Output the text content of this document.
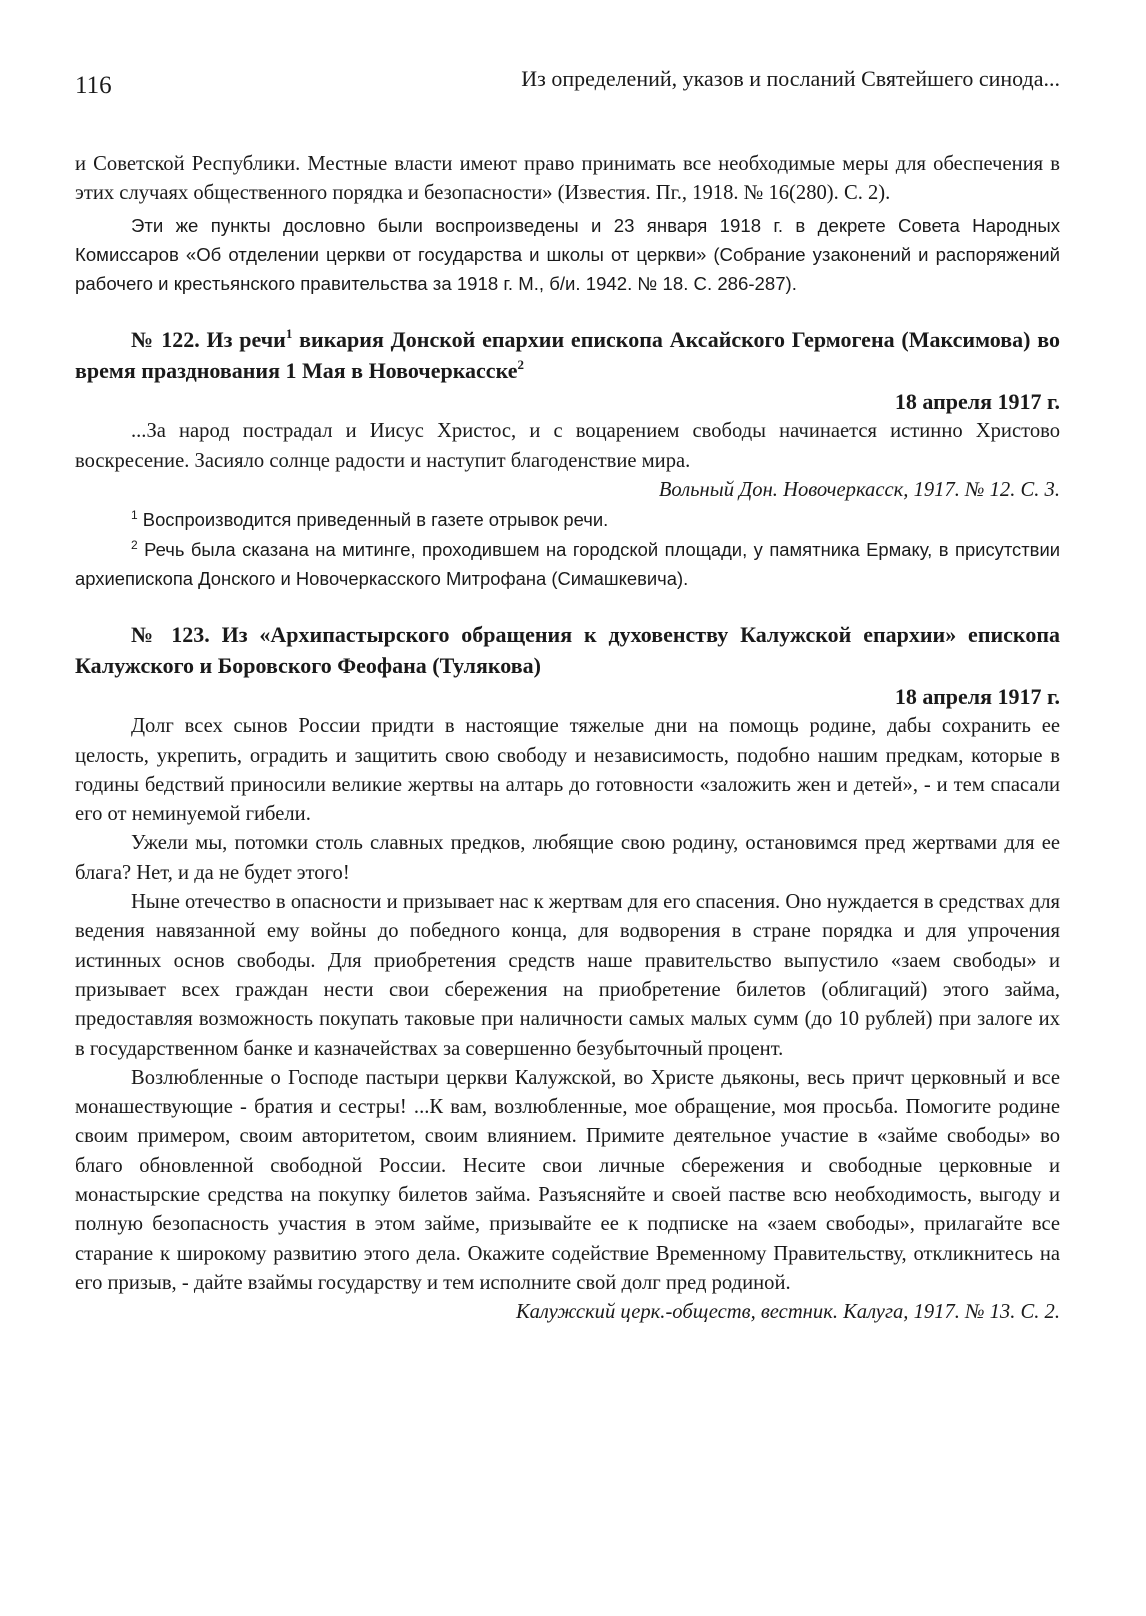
116	Из определений, указов и посланий Святейшего синода...

и Советской Республики. Местные власти имеют право принимать все необходимые меры для обеспечения в этих случаях общественного порядка и безопасности» (Известия. Пг., 1918. № 16(280). С. 2).

Эти же пункты дословно были воспроизведены и 23 января 1918 г. в декрете Совета Народных Комиссаров «Об отделении церкви от государства и школы от церкви» (Собрание узаконений и распоряжений рабочего и крестьянского правительства за 1918 г. М., б/и. 1942. № 18. С. 286-287).

№ 122. Из речи$^1$ викария Донской епархии епископа Аксайского Гермогена (Максимова) во время празднования 1 Мая в Новочеркасске$^2$

18 апреля 1917 г.

...За народ пострадал и Иисус Христос, и с воцарением свободы начинается истинно Христово воскресение. Засияло солнце радости и наступит благоденствие мира.

Вольный Дон. Новочеркасск, 1917. № 12. С. 3.

$^1$ Воспроизводится приведенный в газете отрывок речи.

$^2$ Речь была сказана на митинге, проходившем на городской площади, у памятника Ермаку, в присутствии архиепископа Донского и Новочеркасского Митрофана (Симашкевича).

№ 123. Из «Архипастырского обращения к духовенству Калужской епархии» епископа Калужского и Боровского Феофана (Тулякова)

18 апреля 1917 г.

Долг всех сынов России придти в настоящие тяжелые дни на помощь родине, дабы сохранить ее целость, укрепить, оградить и защитить свою свободу и независимость, подобно нашим предкам, которые в годины бедствий приносили великие жертвы на алтарь до готовности «заложить жен и детей», - и тем спасали его от неминуемой гибели.

Ужели мы, потомки столь славных предков, любящие свою родину, остановимся пред жертвами для ее блага? Нет, и да не будет этого!

Ныне отечество в опасности и призывает нас к жертвам для его спасения. Оно нуждается в средствах для ведения навязанной ему войны до победного конца, для водворения в стране порядка и для упрочения истинных основ свободы. Для приобретения средств наше правительство выпустило «заем свободы» и призывает всех граждан нести свои сбережения на приобретение билетов (облигаций) этого займа, предоставляя возможность покупать таковые при наличности самых малых сумм (до 10 рублей) при залоге их в государственном банке и казначействах за совершенно безубыточный процент.

Возлюбленные о Господе пастыри церкви Калужской, во Христе дьяконы, весь причт церковный и все монашествующие - братия и сестры! ...К вам, возлюбленные, мое обращение, моя просьба. Помогите родине своим примером, своим авторитетом, своим влиянием. Примите деятельное участие в «займе свободы» во благо обновленной свободной России. Несите свои личные сбережения и свободные церковные и монастырские средства на покупку билетов займа. Разъясняйте и своей пастве всю необходимость, выгоду и полную безопасность участия в этом займе, призывайте ее к подписке на «заем свободы», прилагайте все старание к широкому развитию этого дела. Окажите содействие Временному Правительству, откликнитесь на его призыв, - дайте взаймы государству и тем исполните свой долг пред родиной.

Калужский церк.-обществ, вестник. Калуга, 1917. № 13. С. 2.
